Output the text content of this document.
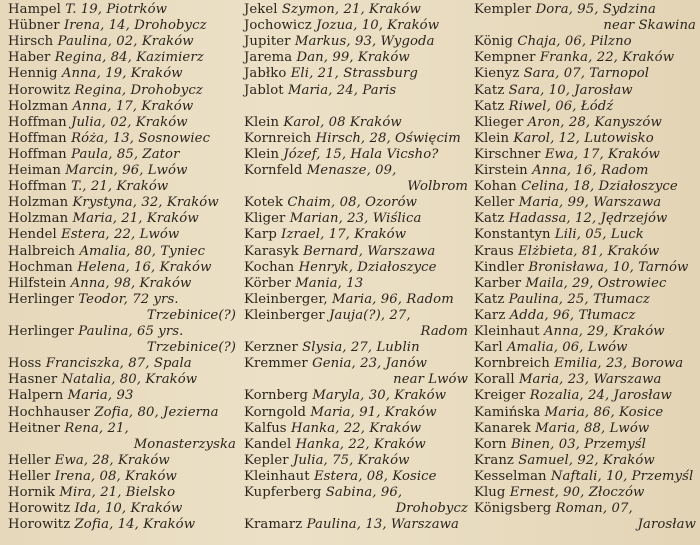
Hampel T. 19, Piotrków
Hübner Irena, 14, Drohobycz
Hirsch Paulina, 02, Kraków
Haber Regina, 84, Kazimierz
Hennig Anna, 19, Kraków
Horowitz Regina, Drohobycz
Holzman Anna, 17, Kraków
Hoffman Julia, 02, Kraków
Hoffman Róża, 13, Sosnowiec
Hoffman Paula, 85, Zator
Heiman Marcin, 96, Lwów
Hoffman T., 21, Kraków
Holzman Krystyna, 32, Kraków
Holzman Maria, 21, Kraków
Hendel Estera, 22, Lwów
Halbreich Amalia, 80, Tyniec
Hochman Helena, 16, Kraków
Hilfstein Anna, 98, Kraków
Herlinger Teodor, 72 yrs.
Trzebinice(?)
Herlinger Paulina, 65 yrs.
Trzebinice(?)
Hoss Franciszka, 87, Spala
Hasner Natalia, 80, Kraków
Halpern Maria, 93
Hochhauser Zofia, 80, Jezierna
Heitner Rena, 21,
Monasterzyska
Heller Ewa, 28, Kraków
Heller Irena, 08, Kraków
Hornik Mira, 21, Bielsko
Horowitz Ida, 10, Kraków
Horowitz Zofia, 14, Kraków
Jekel Szymon, 21, Kraków
Jochowicz Jozua, 10, Kraków
Jupiter Markus, 93, Wygoda
Jarema Dan, 99, Kraków
Jabłko Eli, 21, Strassburg
Jablot Maria, 24, Paris
Klein Karol, 08 Kraków
Kornreich Hirsch, 28, Oświęcim
Klein Józef, 15, Hala Vicsho?
Kornfeld Menasze, 09,
Wolbrom
Kotek Chaim, 08, Ozorów
Kliger Marian, 23, Wiślica
Karp Izrael, 17, Kraków
Karasyk Bernard, Warszawa
Kochan Henryk, Działoszyce
Körber Mania, 13
Kleinberger, Maria, 96, Radom
Kleinberger Jauja(?), 27,
Radom
Kerzner Slysia, 27, Lublin
Kremmer Genia, 23, Janów
near Lwów
Kornberg Maryla, 30, Kraków
Korngold Maria, 91, Kraków
Kalfus Hanka, 22, Kraków
Kandel Hanka, 22, Kraków
Kepler Julia, 75, Kraków
Kleinhaut Estera, 08, Kosice
Kupferberg Sabina, 96,
Drohobycz
Kramarz Paulina, 13, Warszawa
Kempler Dora, 95, Sydzina
near Skawina
König Chaja, 06, Pilzno
Kempner Franka, 22, Kraków
Kienyz Sara, 07, Tarnopol
Katz Sara, 10, Jarosław
Katz Riwel, 06, Łódź
Klieger Aron, 28, Kanyszów
Klein Karol, 12, Lutowisko
Kirschner Ewa, 17, Kraków
Kirstein Anna, 16, Radom
Kohan Celina, 18, Działoszyce
Keller Maria, 99, Warszawa
Katz Hadassa, 12, Jędrzejów
Konstantyn Lili, 05, Luck
Kraus Elżbieta, 81, Kraków
Kindler Bronisława, 10, Tarnów
Karber Maila, 29, Ostrowiec
Katz Paulina, 25, Tłumacz
Karz Adda, 96, Tłumacz
Kleinhaut Anna, 29, Kraków
Karl Amalia, 06, Lwów
Kornbreich Emilia, 23, Borowa
Korall Maria, 23, Warszawa
Kreiger Rozalia, 24, Jarosław
Kamińska Maria, 86, Kosice
Kanarek Maria, 88, Lwów
Korn Binen, 03, Przemyśl
Kranz Samuel, 92, Kraków
Kesselman Naftali, 10, Przemyśl
Klug Ernest, 90, Złoczów
Königsberg Roman, 07,
Jarosław
